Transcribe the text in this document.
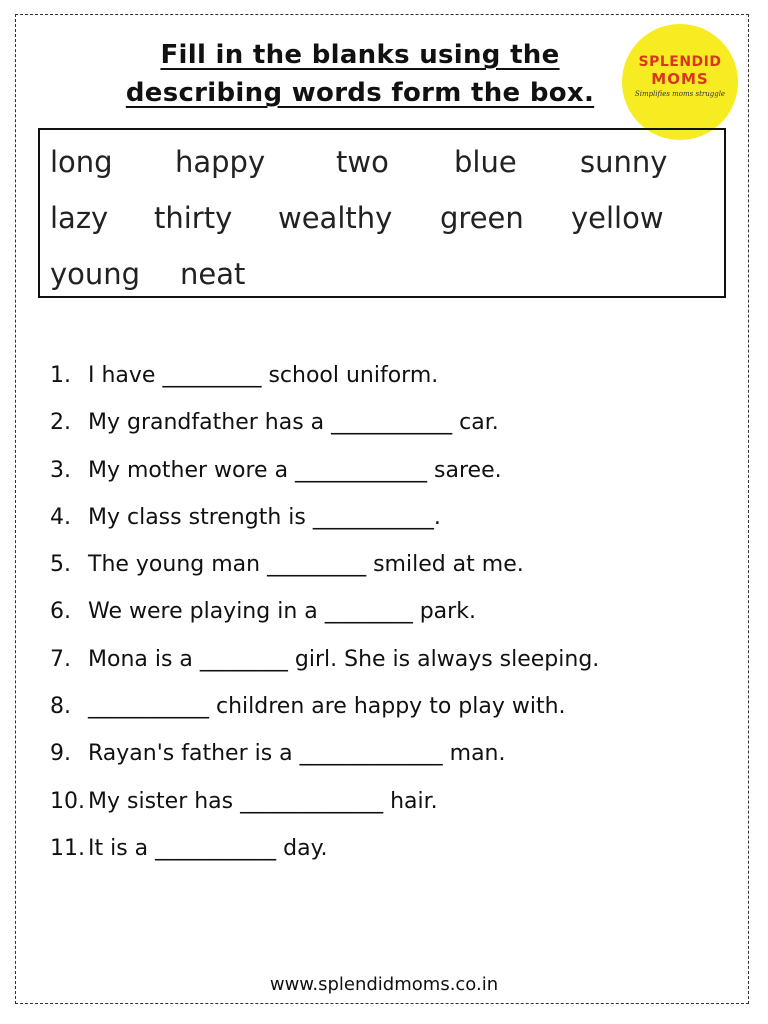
Fill in the blanks using the
describing words form the box.
SPLENDID
MOMS
Simplifies moms struggle
long happy two blue sunny
lazy thirty wealthy green yellow
young neat
1. I have _________ school uniform.
2. My grandfather has a ___________ car.
3. My mother wore a ____________ saree.
4. My class strength is ___________.
5. The young man _________ smiled at me.
6. We were playing in a ________ park.
7. Mona is a ________ girl. She is always sleeping.
8. ___________ children are happy to play with.
9. Rayan's father is a _____________ man.
10. My sister has _____________ hair.
11. It is a ___________ day.
www.splendidmoms.co.in
